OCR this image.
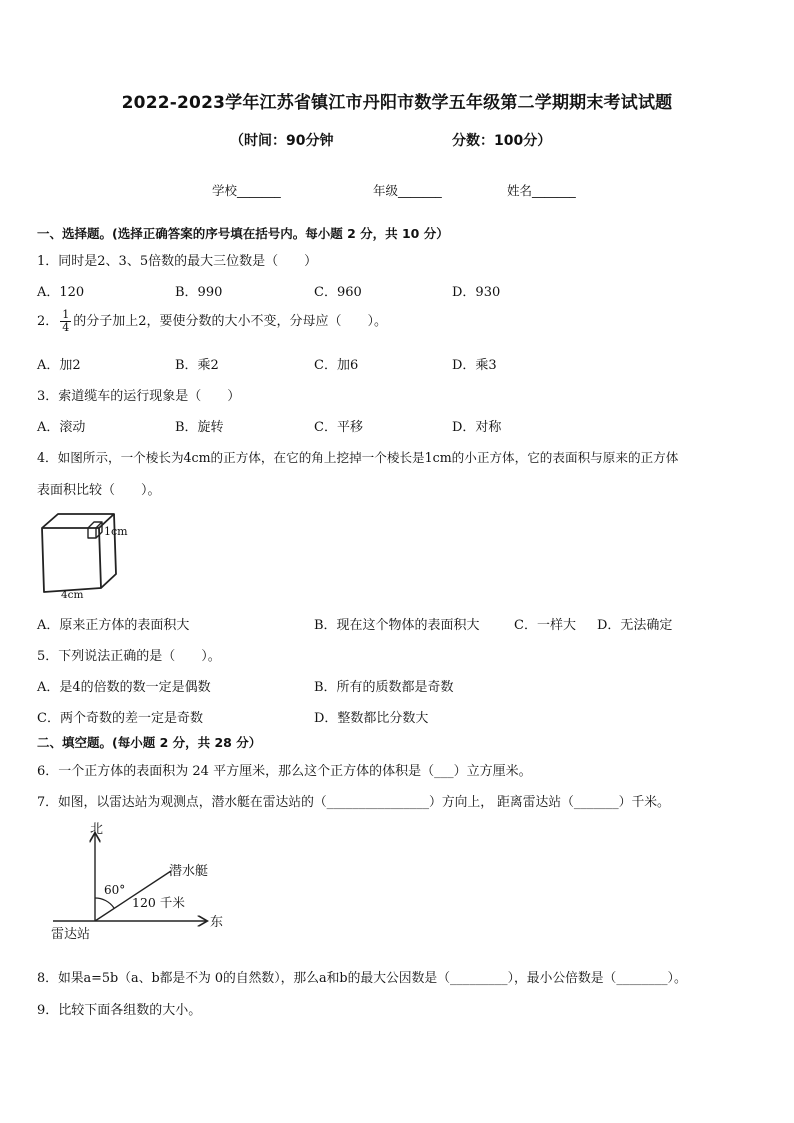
2022-2023学年江苏省镇江市丹阳市数学五年级第二学期期末考试试题
（时间：90分钟	分数：100分）
学校_______	年级_______	姓名_______
一、选择题。(选择正确答案的序号填在括号内。每小题 2 分，共 10 分）
1．同时是2、3、5倍数的最大三位数是（　　）
A．120	B．990	C．960	D．930
2． $\frac{1}{4}$ 的分子加上2，要使分数的大小不变，分母应（　　）。
A．加2	B．乘2	C．加6	D．乘3
3．索道缆车的运行现象是（　　）
A．滚动	B．旋转	C．平移	D．对称
4．如图所示，一个棱长为4cm的正方体，在它的角上挖掉一个棱长是1cm的小正方体，它的表面积与原来的正方体
表面积比较（　　）。
1cm
4cm
A．原来正方体的表面积大	B．现在这个物体的表面积大	C．一样大 D．无法确定
5．下列说法正确的是（　　）。
A．是4的倍数的数一定是偶数	B．所有的质数都是奇数
C．两个奇数的差一定是奇数	D．整数都比分数大
二、填空题。(每小题 2 分，共 28 分）
6．一个正方体的表面积为 24 平方厘米，那么这个正方体的体积是（___）立方厘米。
7．如图，以雷达站为观测点，潜水艇在雷达站的（________________）方向上， 距离雷达站（_______）千米。
北
东
雷达站
潜水艇
60°
120 千米
8．如果a=5b（a、b都是不为 0的自然数），那么a和b的最大公因数是（_________），最小公倍数是（________）。
9．比较下面各组数的大小。
